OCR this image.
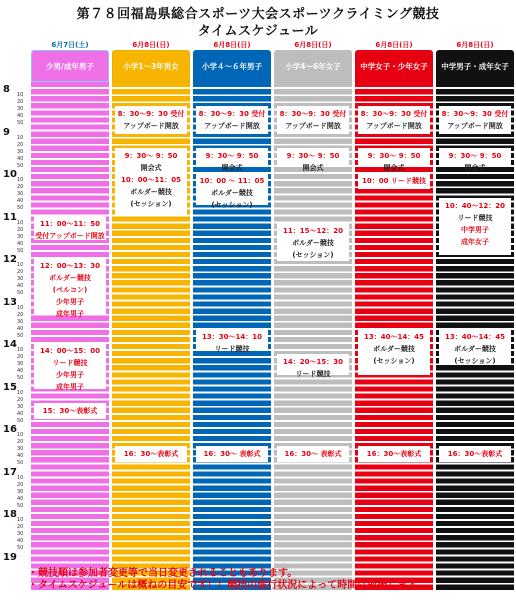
第７８回福島県総合スポーツ大会スポーツクライミング競技
タイムスケジュール
8
10
20
30
40
50
9
10
20
30
40
50
10
10
20
30
40
50
11
10
20
30
40
50
12
10
20
30
40
50
13
10
20
30
40
50
14
10
20
30
40
50
15
10
20
30
40
50
16
10
20
30
40
50
17
10
20
30
40
50
18
10
20
30
40
50
19
6月7日(土)
少男/成年男子
11：00～11：50
受付アップボード開放
12：00～13：30
ボルダー競技
(ペルコン)
少年男子
成年男子
14：00～15：00
リード競技
少年男子
成年男子
15：30～表彰式
6月8日(日)
小学1～3年男女
8：30～9：30 受付
アップボード開放
9：30～ 9：50
開会式
10：00～11：05
ボルダー競技
(セッション)
16：30～表彰式
6月8日(日)
小学４～６年男子
8：30～9：30 受付
アップボード開放
9：30～ 9：50
開会式
10：00 ～ 11：05
ボルダー競技
(セッション)
13：30～14：10
リード競技
16：30～ 表彰式
6月8日(日)
小学4～6年女子
8：30～9：30 受付
アップボード開放
9：30～ 9：50
開会式
11：15～12：20
ボルダー競技
(セッション)
14：20～15：30
リード競技
16：30～ 表彰式
6月8日(日)
中学女子・少年女子
8：30～9：30 受付
アップボード開放
9：30～ 9：50
開会式
10：00 リード競技
13：40～14：45
ボルダー競技
(セッション)
16：30～表彰式
6月8日(日)
中学男子・成年女子
8：30～9：30 受付
アップボード開放
9：30～ 9：50
開会式
10：40～12：20
リード競技
中学男子
成年女子
13：40～14：45
ボルダー競技
(セッション)
16：30～表彰式
・競技順は参加者変更等で当日変更されることもあります。
・タイムスケジュールは概ねの目安です！！競技の進行状況によって時間は前後します。
